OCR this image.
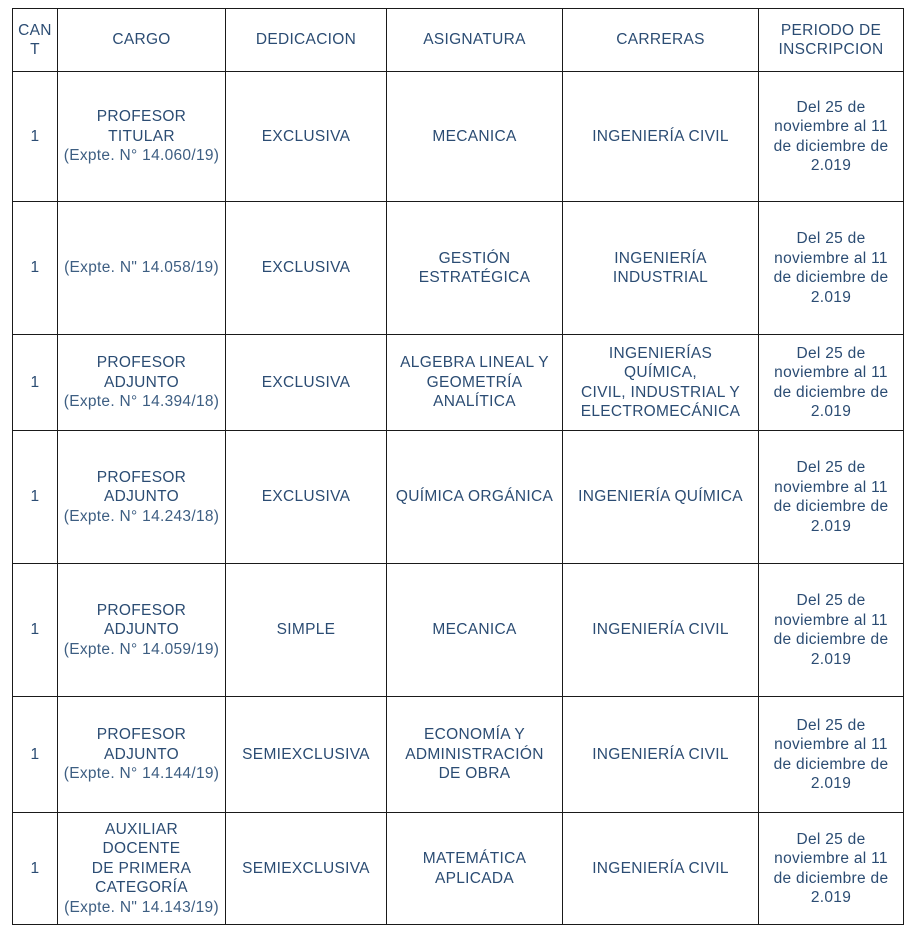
CAN
T	CARGO	DEDICACION	ASIGNATURA	CARRERAS	PERIODO DE
INSCRIPCION

1	PROFESOR
TITULAR
(Expte. N° 14.060/19)	EXCLUSIVA	MECANICA	INGENIERÍA CIVIL	Del 25 de
noviembre al 11
de diciembre de
2.019

1	(Expte. N" 14.058/19)	EXCLUSIVA	GESTIÓN
ESTRATÉGICA	INGENIERÍA
INDUSTRIAL	Del 25 de
noviembre al 11
de diciembre de
2.019

1	PROFESOR
ADJUNTO
(Expte. N° 14.394/18)	EXCLUSIVA	ALGEBRA LINEAL Y
GEOMETRÍA
ANALÍTICA	INGENIERÍAS
QUÍMICA,
CIVIL, INDUSTRIAL Y
ELECTROMECÁNICA	Del 25 de
noviembre al 11
de diciembre de
2.019

1	PROFESOR
ADJUNTO
(Expte. N° 14.243/18)	EXCLUSIVA	QUÍMICA ORGÁNICA	INGENIERÍA QUÍMICA	Del 25 de
noviembre al 11
de diciembre de
2.019

1	PROFESOR
ADJUNTO
(Expte. N° 14.059/19)	SIMPLE	MECANICA	INGENIERÍA CIVIL	Del 25 de
noviembre al 11
de diciembre de
2.019

1	PROFESOR
ADJUNTO
(Expte. N° 14.144/19)	SEMIEXCLUSIVA	ECONOMÍA Y
ADMINISTRACIÓN
DE OBRA	INGENIERÍA CIVIL	Del 25 de
noviembre al 11
de diciembre de
2.019

1	AUXILIAR
DOCENTE
DE PRIMERA
CATEGORÍA
(Expte. N" 14.143/19)	SEMIEXCLUSIVA	MATEMÁTICA
APLICADA	INGENIERÍA CIVIL	Del 25 de
noviembre al 11
de diciembre de
2.019
